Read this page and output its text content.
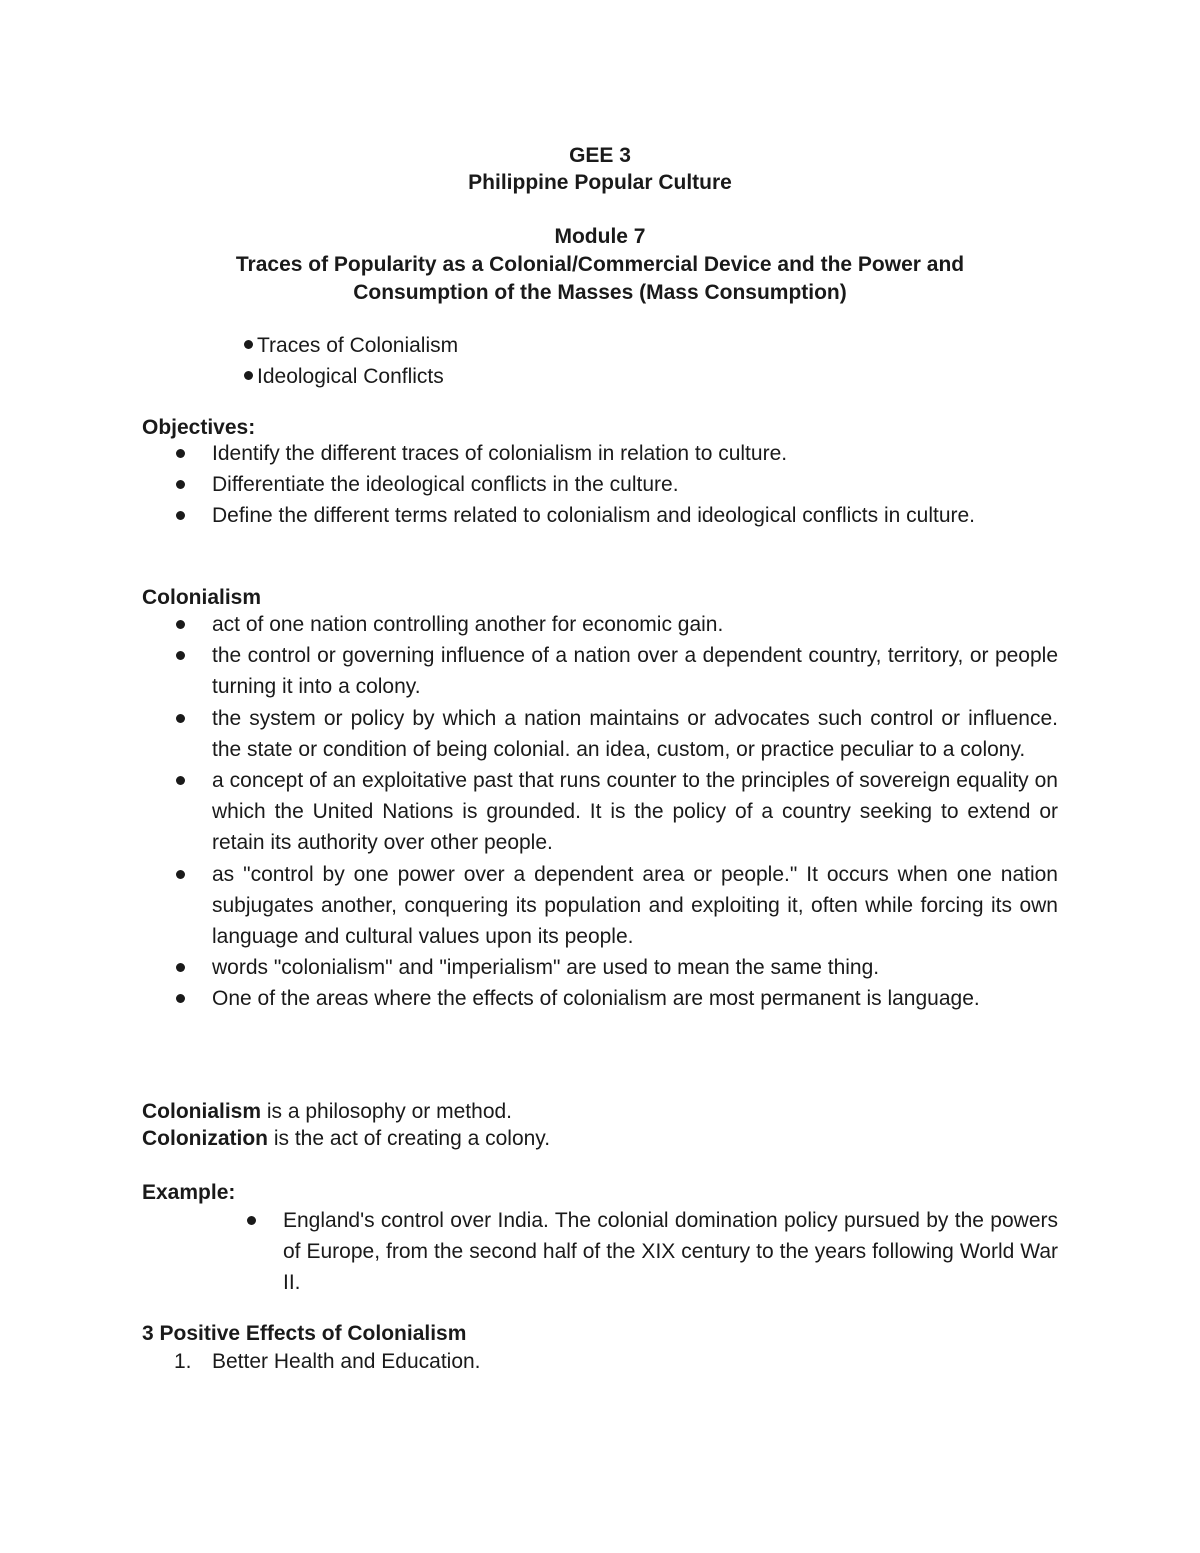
GEE 3
Philippine Popular Culture
Module 7
Traces of Popularity as a Colonial/Commercial Device and the Power and
Consumption of the Masses (Mass Consumption)
Traces of Colonialism
Ideological Conflicts
Objectives:
Identify the different traces of colonialism in relation to culture.
Differentiate the ideological conflicts in the culture.
Define the different terms related to colonialism and ideological conflicts in culture.
Colonialism
act of one nation controlling another for economic gain.
the control or governing influence of a nation over a dependent country, territory, or people turning it into a colony.
the system or policy by which a nation maintains or advocates such control or influence. the state or condition of being colonial. an idea, custom, or practice peculiar to a colony.
a concept of an exploitative past that runs counter to the principles of sovereign equality on which the United Nations is grounded. It is the policy of a country seeking to extend or retain its authority over other people.
as "control by one power over a dependent area or people." It occurs when one nation subjugates another, conquering its population and exploiting it, often while forcing its own language and cultural values upon its people.
words "colonialism" and "imperialism" are used to mean the same thing.
One of the areas where the effects of colonialism are most permanent is language.
Colonialism is a philosophy or method.
Colonization is the act of creating a colony.
Example:
England's control over India. The colonial domination policy pursued by the powers of Europe, from the second half of the XIX century to the years following World War II.
3 Positive Effects of Colonialism
1. Better Health and Education.
